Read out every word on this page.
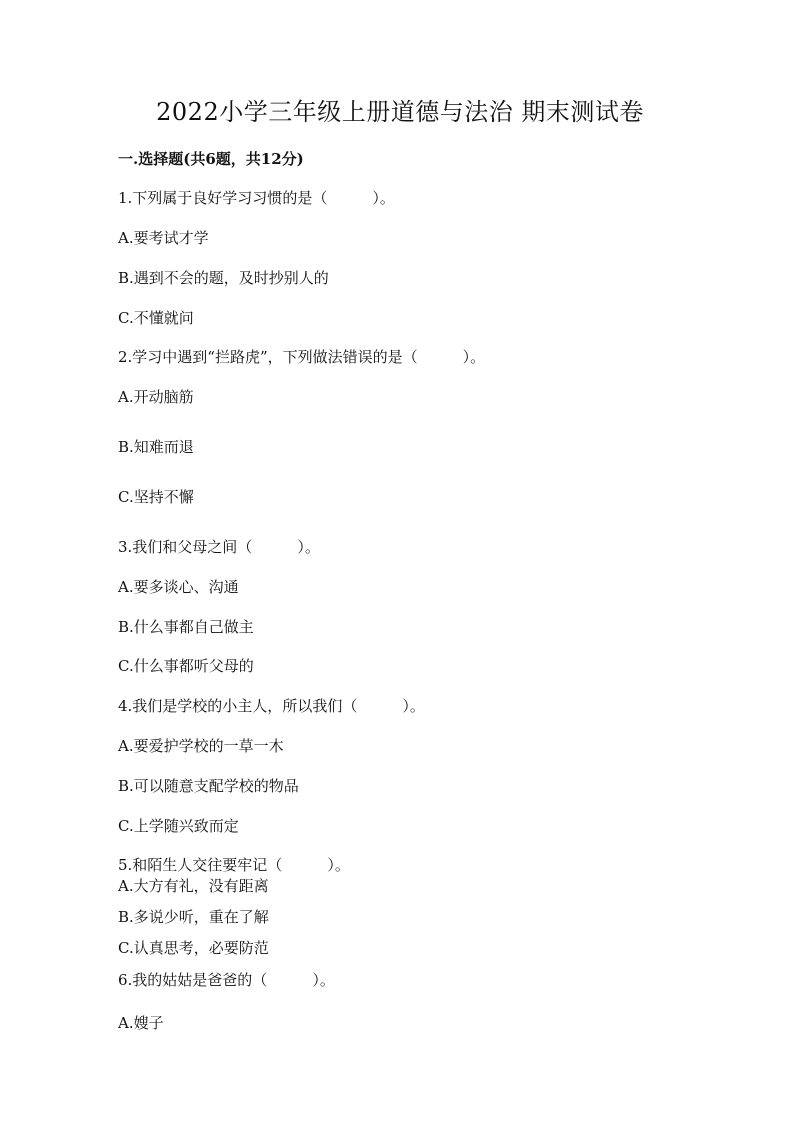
2022小学三年级上册道德与法治 期末测试卷
一.选择题(共6题，共12分)
1.下列属于良好学习习惯的是（　　　）。
A.要考试才学
B.遇到不会的题，及时抄别人的
C.不懂就问
2.学习中遇到“拦路虎”，下列做法错误的是（　　　）。
A.开动脑筋
B.知难而退
C.坚持不懈
3.我们和父母之间（　　　）。
A.要多谈心、沟通
B.什么事都自己做主
C.什么事都听父母的
4.我们是学校的小主人，所以我们（　　　）。
A.要爱护学校的一草一木
B.可以随意支配学校的物品
C.上学随兴致而定
5.和陌生人交往要牢记（　　　）。
A.大方有礼，没有距离
B.多说少听，重在了解
C.认真思考，必要防范
6.我的姑姑是爸爸的（　　　）。
A.嫂子
